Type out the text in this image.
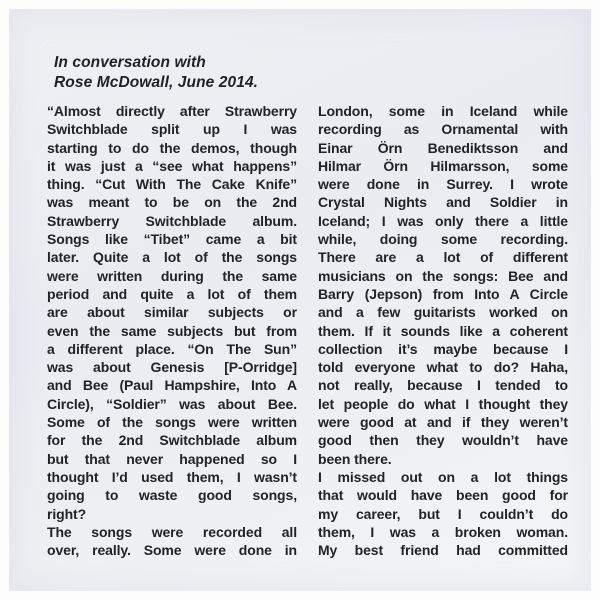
In conversation with
Rose McDowall, June 2014.
“Almost directly after Strawberry
Switchblade split up I was
starting to do the demos, though
it was just a “see what happens”
thing. “Cut With The Cake Knife”
was meant to be on the 2nd
Strawberry Switchblade album.
Songs like “Tibet” came a bit
later. Quite a lot of the songs
were written during the same
period and quite a lot of them
are about similar subjects or
even the same subjects but from
a different place. “On The Sun”
was about Genesis [P-Orridge]
and Bee (Paul Hampshire, Into A
Circle), “Soldier” was about Bee.
Some of the songs were written
for the 2nd Switchblade album
but that never happened so I
thought I’d used them, I wasn’t
going to waste good songs,
right?
The songs were recorded all
over, really. Some were done in
London, some in Iceland while
recording as Ornamental with
Einar Örn Benediktsson and
Hilmar Örn Hilmarsson, some
were done in Surrey. I wrote
Crystal Nights and Soldier in
Iceland; I was only there a little
while, doing some recording.
There are a lot of different
musicians on the songs: Bee and
Barry (Jepson) from Into A Circle
and a few guitarists worked on
them. If it sounds like a coherent
collection it’s maybe because I
told everyone what to do? Haha,
not really, because I tended to
let people do what I thought they
were good at and if they weren’t
good then they wouldn’t have
been there.
I missed out on a lot things
that would have been good for
my career, but I couldn’t do
them, I was a broken woman.
My best friend had committed
